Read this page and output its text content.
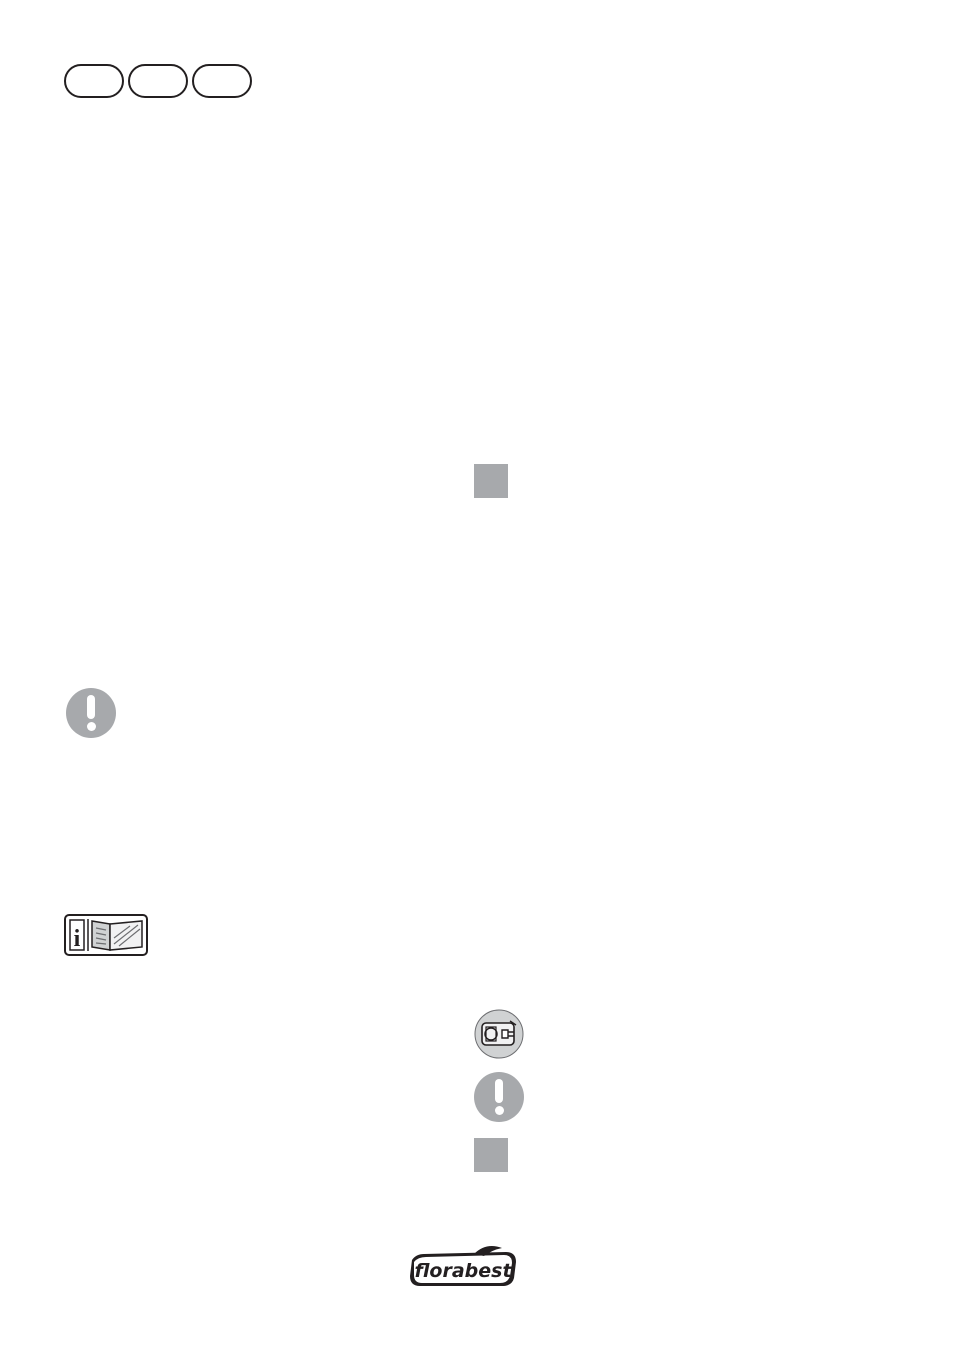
i

florabest
